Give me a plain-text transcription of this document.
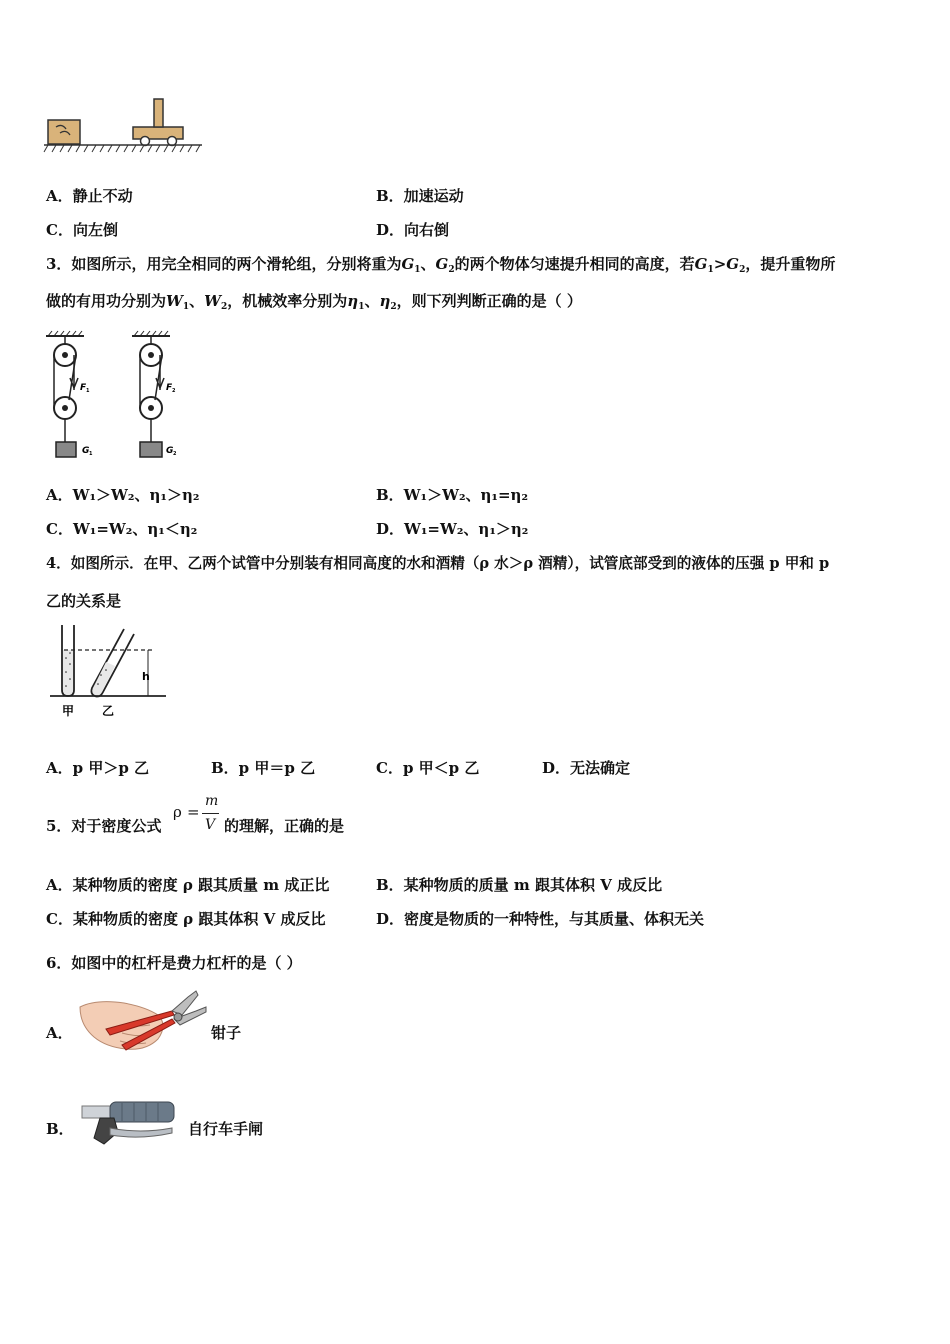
A．静止不动	B．加速运动
C．向左倒	D．向右倒
3．如图所示，用完全相同的两个滑轮组，分别将重为$G_1$、$G_2$的两个物体匀速提升相同的高度，若$G_1>G_2$，提升重物所
做的有用功分别为$W_1$、$W_2$，机械效率分别为$\eta_1$、$\eta_2$，则下列判断正确的是（ ）
F 1
G 1
F 2
G 2
A．W₁＞W₂、η₁＞η₂	B．W₁＞W₂、η₁=η₂
C．W₁=W₂、η₁＜η₂	D．W₁=W₂、η₁＞η₂
4．如图所示．在甲、乙两个试管中分别装有相同高度的水和酒精（ρ 水＞ρ 酒精），试管底部受到的液体的压强 p 甲和 p
乙的关系是
h
甲 乙
A．p 甲＞p 乙	B．p 甲＝p 乙	C．p 甲＜p 乙	D．无法确定
5．对于密度公式
ρ =
m
V 的理解，正确的是
A．某种物质的密度 ρ 跟其质量 m 成正比	B．某种物质的质量 m 跟其体积 V 成反比
C．某种物质的密度 ρ 跟其体积 V 成反比	D．密度是物质的一种特性，与其质量、体积无关
6．如图中的杠杆是费力杠杆的是（ ）
A．	钳子
B．	自行车手闸
